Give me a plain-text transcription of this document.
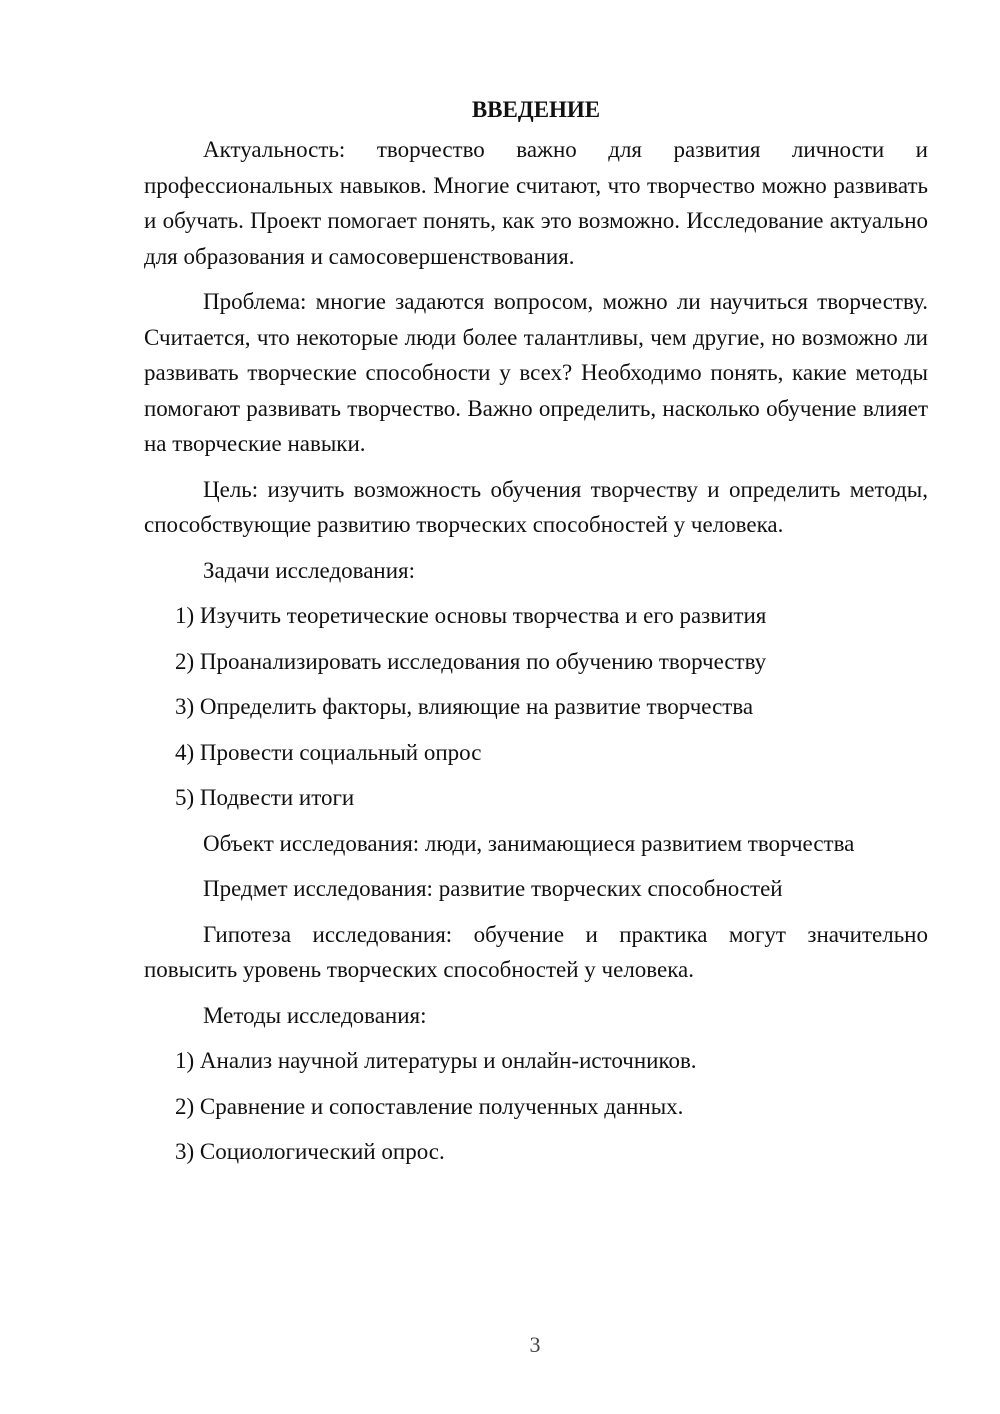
ВВЕДЕНИЕ

Актуальность: творчество важно для развития личности и профессиональных навыков. Многие считают, что творчество можно развивать и обучать. Проект помогает понять, как это возможно. Исследование актуально для образования и самосовершенствования.

Проблема: многие задаются вопросом, можно ли научиться творчеству. Считается, что некоторые люди более талантливы, чем другие, но возможно ли развивать творческие способности у всех? Необходимо понять, какие методы помогают развивать творчество. Важно определить, насколько обучение влияет на творческие навыки.

Цель: изучить возможность обучения творчеству и определить методы, способствующие развитию творческих способностей у человека.

Задачи исследования:

1) Изучить теоретические основы творчества и его развития

2) Проанализировать исследования по обучению творчеству

3) Определить факторы, влияющие на развитие творчества

4) Провести социальный опрос

5) Подвести итоги

Объект исследования: люди, занимающиеся развитием творчества

Предмет исследования: развитие творческих способностей

Гипотеза исследования: обучение и практика могут значительно повысить уровень творческих способностей у человека.

Методы исследования:

1) Анализ научной литературы и онлайн-источников.

2) Сравнение и сопоставление полученных данных.

3) Социологический опрос.

3
